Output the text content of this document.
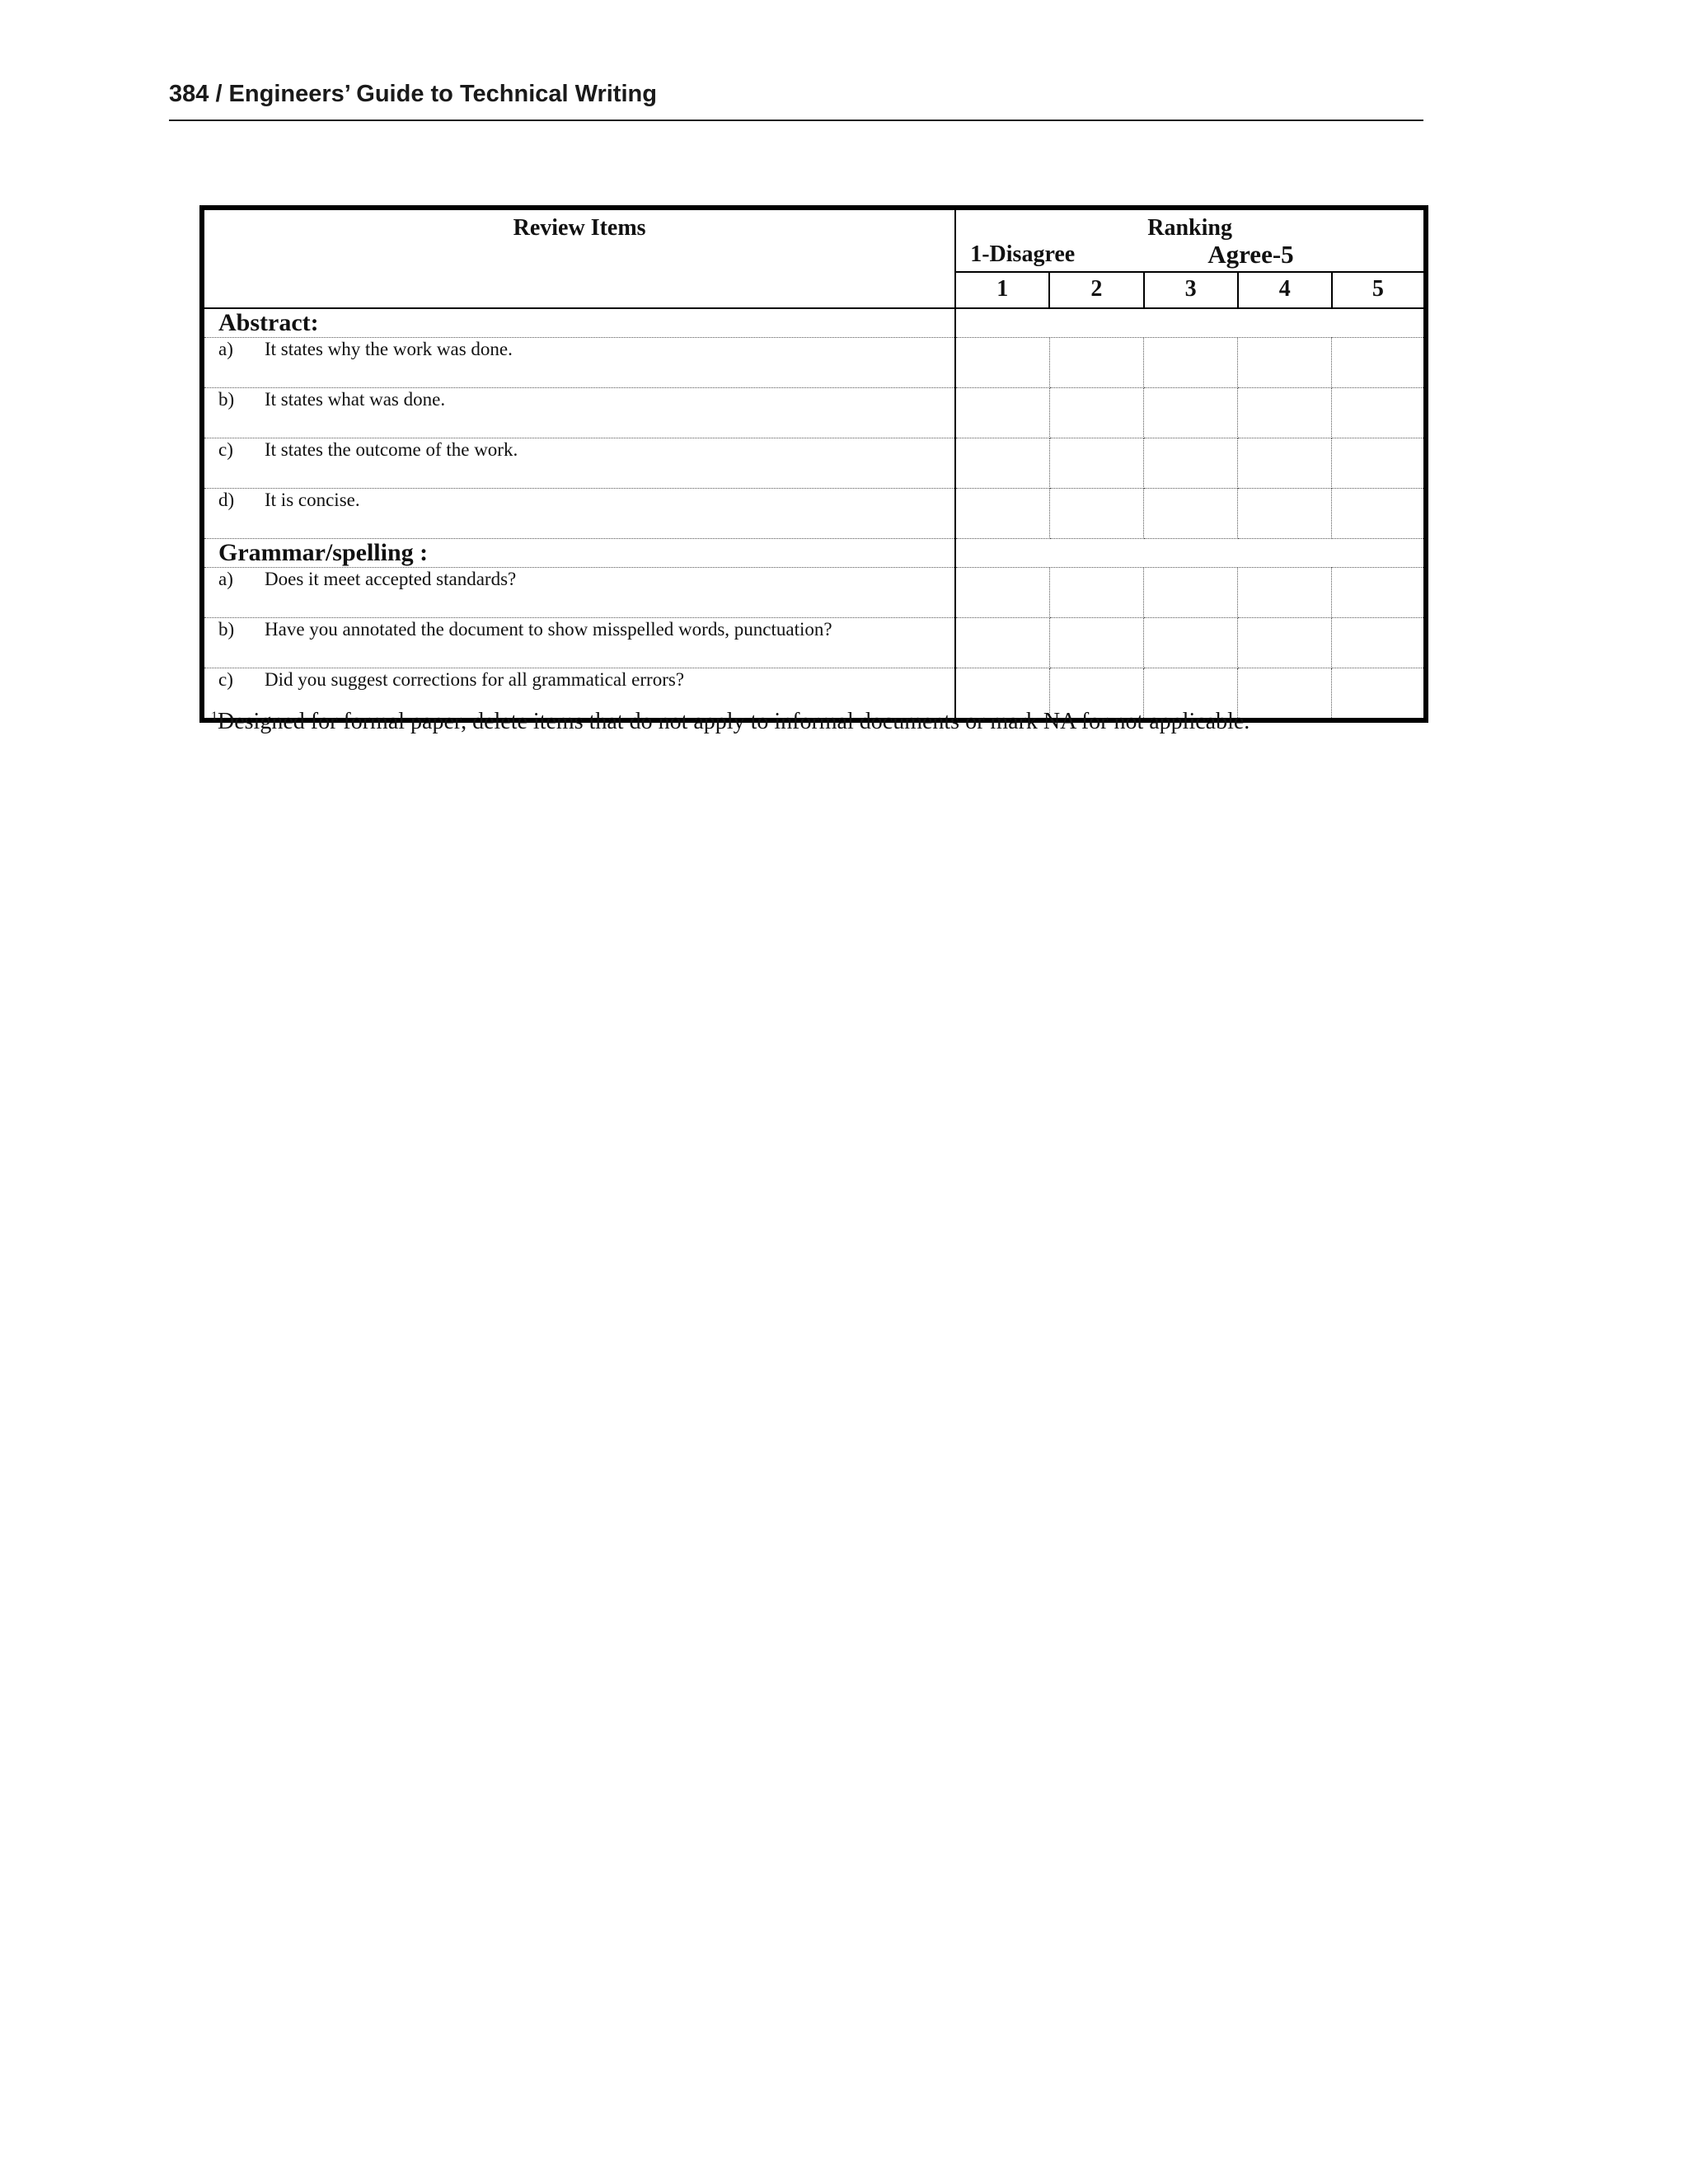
384 / Engineers’ Guide to Technical Writing
Review Items	Ranking
1-Disagree Agree-5				

	1	2	3	4	5
Abstract:					

a) It states why the work was done.					

b) It states what was done.					

c) It states the outcome of the work.					

d) It is concise.					

Grammar/spelling :					

a) Does it meet accepted standards?					

b) Have you annotated the document to show misspelled words, punctuation?					

c) Did you suggest corrections for all grammatical errors?					

$^1$Designed for formal paper, delete items that do not apply to informal documents or mark NA for not applicable.
